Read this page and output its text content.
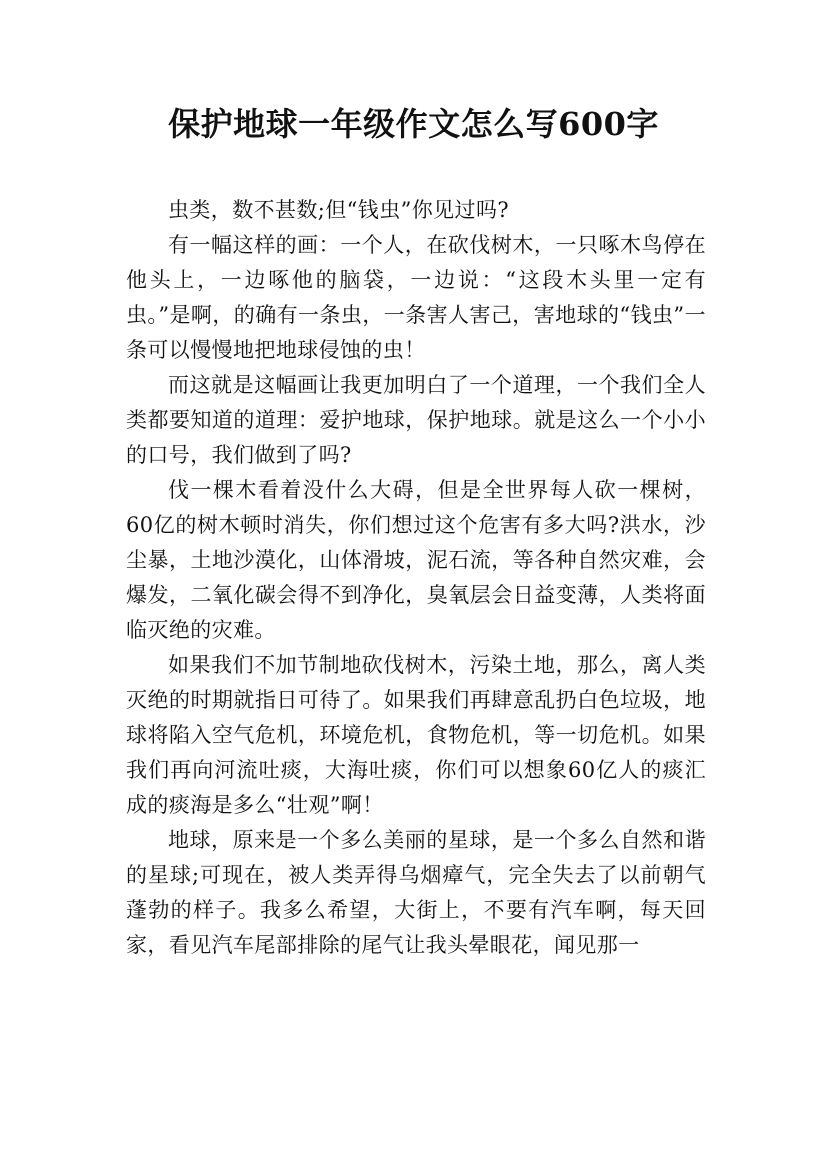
保护地球一年级作文怎么写600字

虫类，数不甚数;但“钱虫”你见过吗?

有一幅这样的画：一个人，在砍伐树木，一只啄木鸟停在他头上，一边啄他的脑袋，一边说：“这段木头里一定有虫。”是啊，的确有一条虫，一条害人害己，害地球的“钱虫”一条可以慢慢地把地球侵蚀的虫！

而这就是这幅画让我更加明白了一个道理，一个我们全人类都要知道的道理：爱护地球，保护地球。就是这么一个小小的口号，我们做到了吗?

伐一棵木看着没什么大碍，但是全世界每人砍一棵树，60亿的树木顿时消失，你们想过这个危害有多大吗?洪水，沙尘暴，土地沙漠化，山体滑坡，泥石流，等各种自然灾难，会爆发，二氧化碳会得不到净化，臭氧层会日益变薄，人类将面临灭绝的灾难。

如果我们不加节制地砍伐树木，污染土地，那么，离人类灭绝的时期就指日可待了。如果我们再肆意乱扔白色垃圾，地球将陷入空气危机，环境危机，食物危机，等一切危机。如果我们再向河流吐痰，大海吐痰，你们可以想象60亿人的痰汇成的痰海是多么“壮观”啊！

地球，原来是一个多么美丽的星球，是一个多么自然和谐的星球;可现在，被人类弄得乌烟瘴气，完全失去了以前朝气蓬勃的样子。我多么希望，大街上，不要有汽车啊，每天回家，看见汽车尾部排除的尾气让我头晕眼花，闻见那一
